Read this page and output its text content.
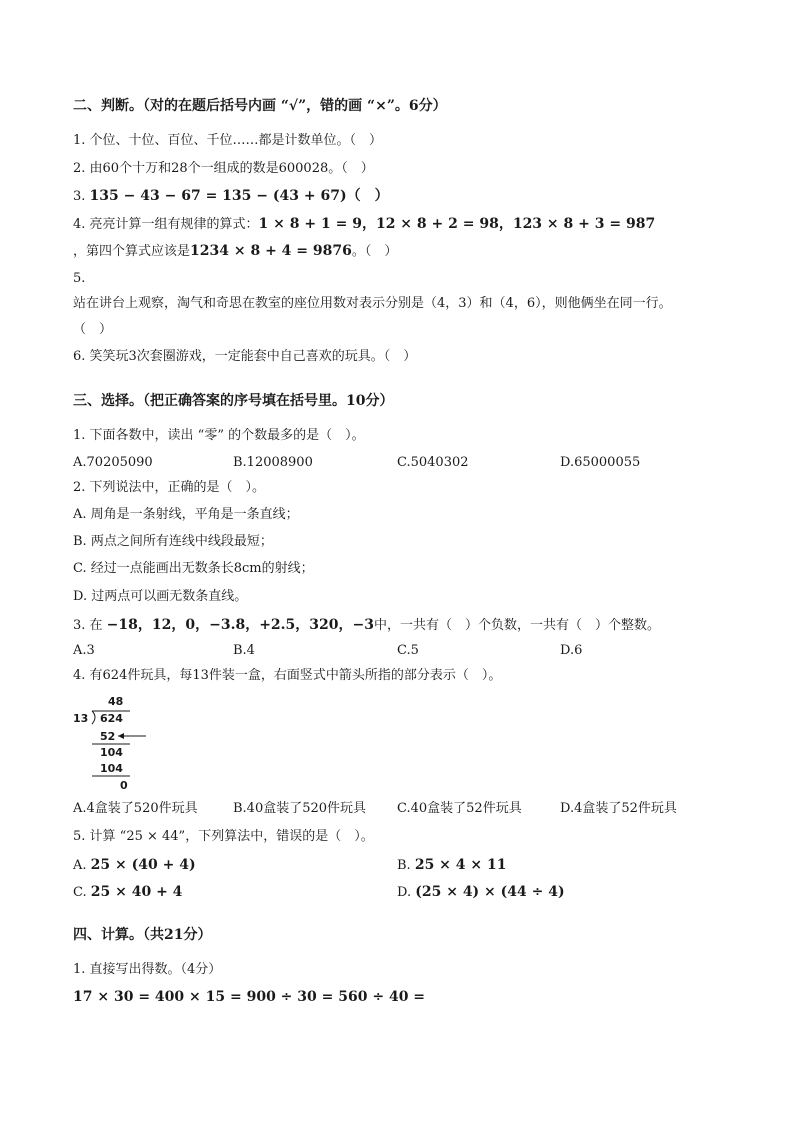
二、判断。（对的在题后括号内画 “√”，错的画 “×”。6分）
1. 个位、十位、百位、千位……都是计数单位。（　）
2. 由60个十万和28个一组成的数是600028。（　）
3. 135 − 43 − 67 = 135 − (43 + 67)（　）
4. 亮亮计算一组有规律的算式：1 × 8 + 1 = 9，12 × 8 + 2 = 98，123 × 8 + 3 = 987
，第四个算式应该是1234 × 8 + 4 = 9876。（　）
5.
站在讲台上观察，淘气和奇思在教室的座位用数对表示分别是（4，3）和（4，6），则他俩坐在同一行。
（　）
6. 笑笑玩3次套圈游戏，一定能套中自己喜欢的玩具。（　）
三、选择。（把正确答案的序号填在括号里。10分）
1. 下面各数中，读出 “零” 的个数最多的是（　）。
A.70205090	B.12008900	C.5040302	D.65000055
2. 下列说法中，正确的是（　）。
A. 周角是一条射线，平角是一条直线；
B. 两点之间所有连线中线段最短；
C. 经过一点能画出无数条长8cm的射线；
D. 过两点可以画无数条直线。
3. 在 −18，12，0，−3.8，+2.5，320，−3中，一共有（　）个负数，一共有（　）个整数。
A.3	B.4	C.5	D.6
4. 有624件玩具，每13件装一盒，右面竖式中箭头所指的部分表示（　）。
48
13 624
52
104
104
0
A.4盒装了520件玩具	B.40盒装了520件玩具 C.40盒装了52件玩具	D.4盒装了52件玩具
5. 计算 “25 × 44”，下列算法中，错误的是（　）。
A. 25 × (40 + 4)	B. 25 × 4 × 11
C. 25 × 40 + 4	D. (25 × 4) × (44 ÷ 4)
四、计算。（共21分）
1. 直接写出得数。（4分）
17 × 30 = 400 × 15 = 900 ÷ 30 = 560 ÷ 40 =
